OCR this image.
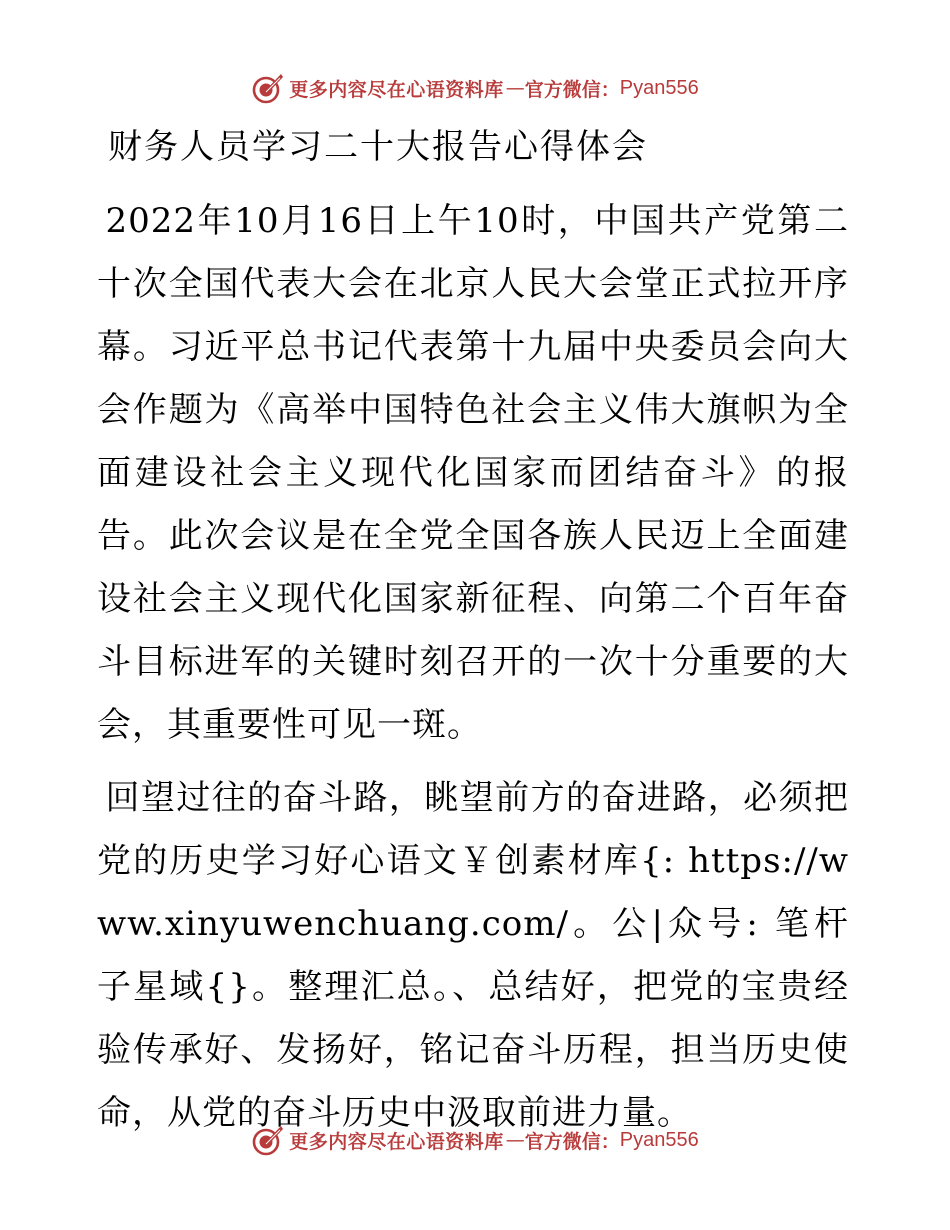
更多内容尽在心语资料库 — 官方微信： Pyan556
财务人员学习二十大报告心得体会

2022年10月16日上午10时，中国共产党第二十次全国代表大会在北京人民大会堂正式拉开序幕。习近平总书记代表第十九届中央委员会向大会作题为《高举中国特色社会主义伟大旗帜为全面建设社会主义现代化国家而团结奋斗》的报告。此次会议是在全党全国各族人民迈上全面建设社会主义现代化国家新征程、向第二个百年奋斗目标进军的关键时刻召开的一次十分重要的大会，其重要性可见一斑。

回望过往的奋斗路，眺望前方的奋进路，必须把党的历史学习好心语文￥创素材库{: https://www.xinyuwenchuang.com/。公|众号: 笔杆子星域{}。整理汇总。、总结好，把党的宝贵经验传承好、发扬好，铭记奋斗历程，担当历史使命，从党的奋斗历史中汲取前进力量。

更多内容尽在心语资料库 — 官方微信： Pyan556
